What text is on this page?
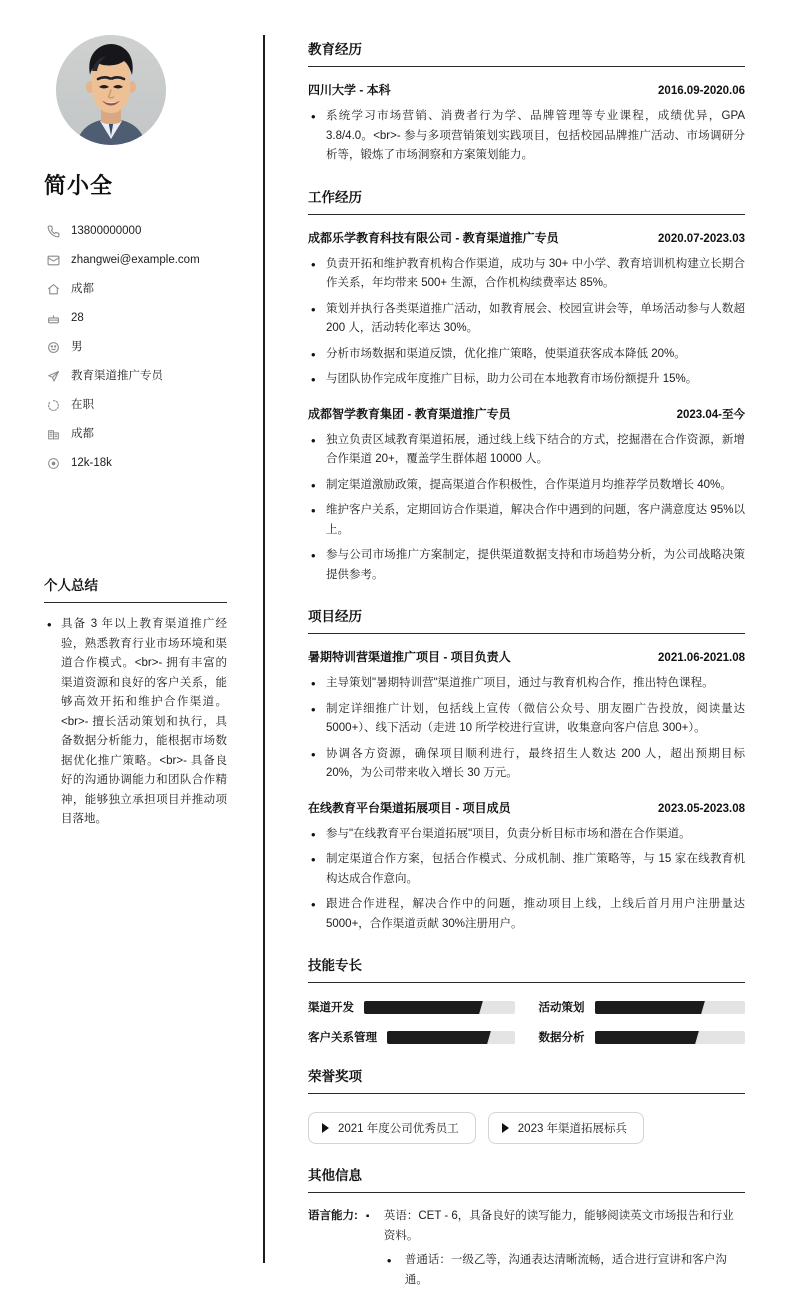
简小全
13800000000
zhangwei@example.com
成都
28
男
教育渠道推广专员
在职
成都
12k-18k
个人总结
• 具备 3 年以上教育渠道推广经验，熟悉教育行业市场环境和渠道合作模式。<br>- 拥有丰富的渠道资源和良好的客户关系，能够高效开拓和维护合作渠道。<br>- 擅长活动策划和执行，具备数据分析能力，能根据市场数据优化推广策略。<br>- 具备良好的沟通协调能力和团队合作精神，能够独立承担项目并推动项目落地。
教育经历
四川大学 - 本科	2016.09-2020.06
• 系统学习市场营销、消费者行为学、品牌管理等专业课程，成绩优异，GPA 3.8/4.0。<br>- 参与多项营销策划实践项目，包括校园品牌推广活动、市场调研分析等，锻炼了市场洞察和方案策划能力。
工作经历
成都乐学教育科技有限公司 - 教育渠道推广专员	2020.07-2023.03
• 负责开拓和维护教育机构合作渠道，成功与 30+ 中小学、教育培训机构建立长期合作关系，年均带来 500+ 生源，合作机构续费率达 85%。
• 策划并执行各类渠道推广活动，如教育展会、校园宣讲会等，单场活动参与人数超 200 人，活动转化率达 30%。
• 分析市场数据和渠道反馈，优化推广策略，使渠道获客成本降低 20%。
• 与团队协作完成年度推广目标，助力公司在本地教育市场份额提升 15%。
成都智学教育集团 - 教育渠道推广专员	2023.04-至今
• 独立负责区域教育渠道拓展，通过线上线下结合的方式，挖掘潜在合作资源，新增合作渠道 20+，覆盖学生群体超 10000 人。
• 制定渠道激励政策，提高渠道合作积极性，合作渠道月均推荐学员数增长 40%。
• 维护客户关系，定期回访合作渠道，解决合作中遇到的问题，客户满意度达 95%以上。
• 参与公司市场推广方案制定，提供渠道数据支持和市场趋势分析，为公司战略决策提供参考。
项目经历
暑期特训营渠道推广项目 - 项目负责人	2021.06-2021.08
• 主导策划"暑期特训营"渠道推广项目，通过与教育机构合作，推出特色课程。
• 制定详细推广计划，包括线上宣传（微信公众号、朋友圈广告投放，阅读量达 5000+）、线下活动（走进 10 所学校进行宣讲，收集意向客户信息 300+）。
• 协调各方资源，确保项目顺利进行，最终招生人数达 200 人，超出预期目标 20%，为公司带来收入增长 30 万元。
在线教育平台渠道拓展项目 - 项目成员	2023.05-2023.08
• 参与"在线教育平台渠道拓展"项目，负责分析目标市场和潜在合作渠道。
• 制定渠道合作方案，包括合作模式、分成机制、推广策略等，与 15 家在线教育机构达成合作意向。
• 跟进合作进程，解决合作中的问题，推动项目上线，上线后首月用户注册量达 5000+，合作渠道贡献 30%注册用户。
技能专长
渠道开发	活动策划
客户关系管理	数据分析
荣誉奖项
2021 年度公司优秀员工	2023 年渠道拓展标兵
其他信息
语言能力:	▪ 英语：CET - 6，具备良好的读写能力，能够阅读英文市场报告和行业资料。
• 普通话：一级乙等，沟通表达清晰流畅，适合进行宣讲和客户沟通。
